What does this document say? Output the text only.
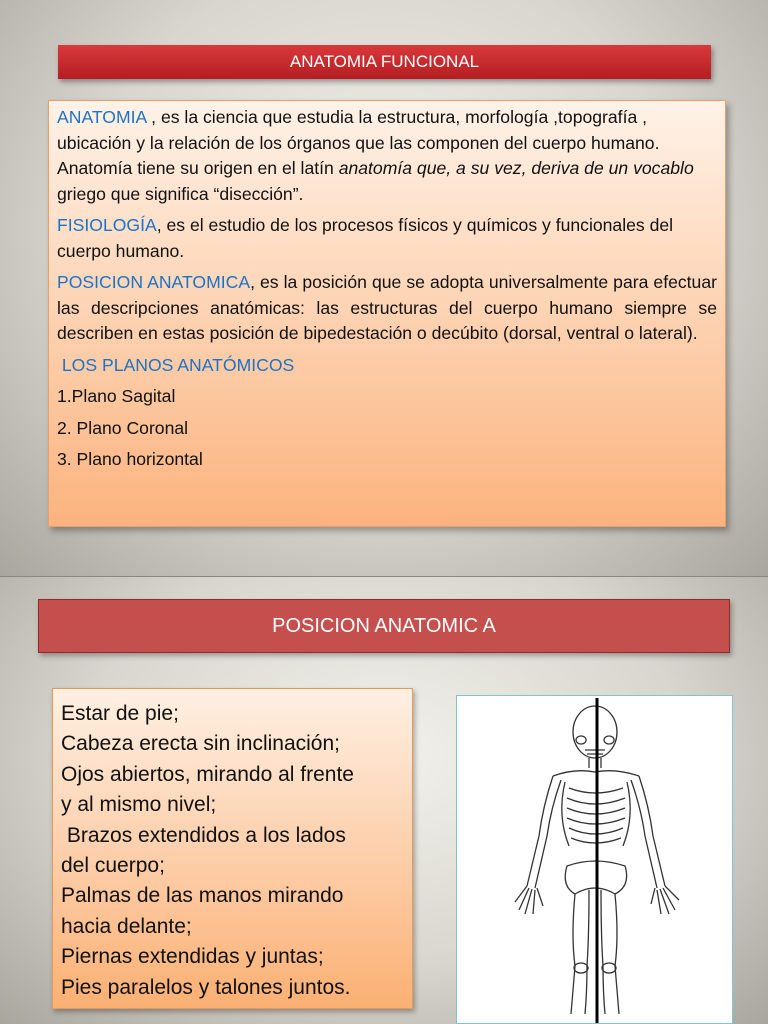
ANATOMIA FUNCIONAL

ANATOMIA , es la ciencia que estudia la estructura, morfología ,topografía , ubicación y la relación de los órganos que las componen del cuerpo humano. Anatomía tiene su origen en el latín anatomía que, a su vez, deriva de un vocablo griego que significa “disección”.

FISIOLOGÍA, es el estudio de los procesos físicos y químicos y funcionales del cuerpo humano.

POSICION ANATOMICA, es la posición que se adopta universalmente para efectuar las descripciones anatómicas: las estructuras del cuerpo humano siempre se describen en estas posición de bipedestación o decúbito (dorsal, ventral o lateral).

LOS PLANOS ANATÓMICOS

1.Plano Sagital

2. Plano Coronal

3. Plano horizontal

POSICION ANATOMIC A
Estar de pie;
Cabeza erecta sin inclinación;
Ojos abiertos, mirando al frente
y al mismo nivel;
Brazos extendidos a los lados
del cuerpo;
Palmas de las manos mirando
hacia delante;
Piernas extendidas y juntas;
Pies paralelos y talones juntos.
